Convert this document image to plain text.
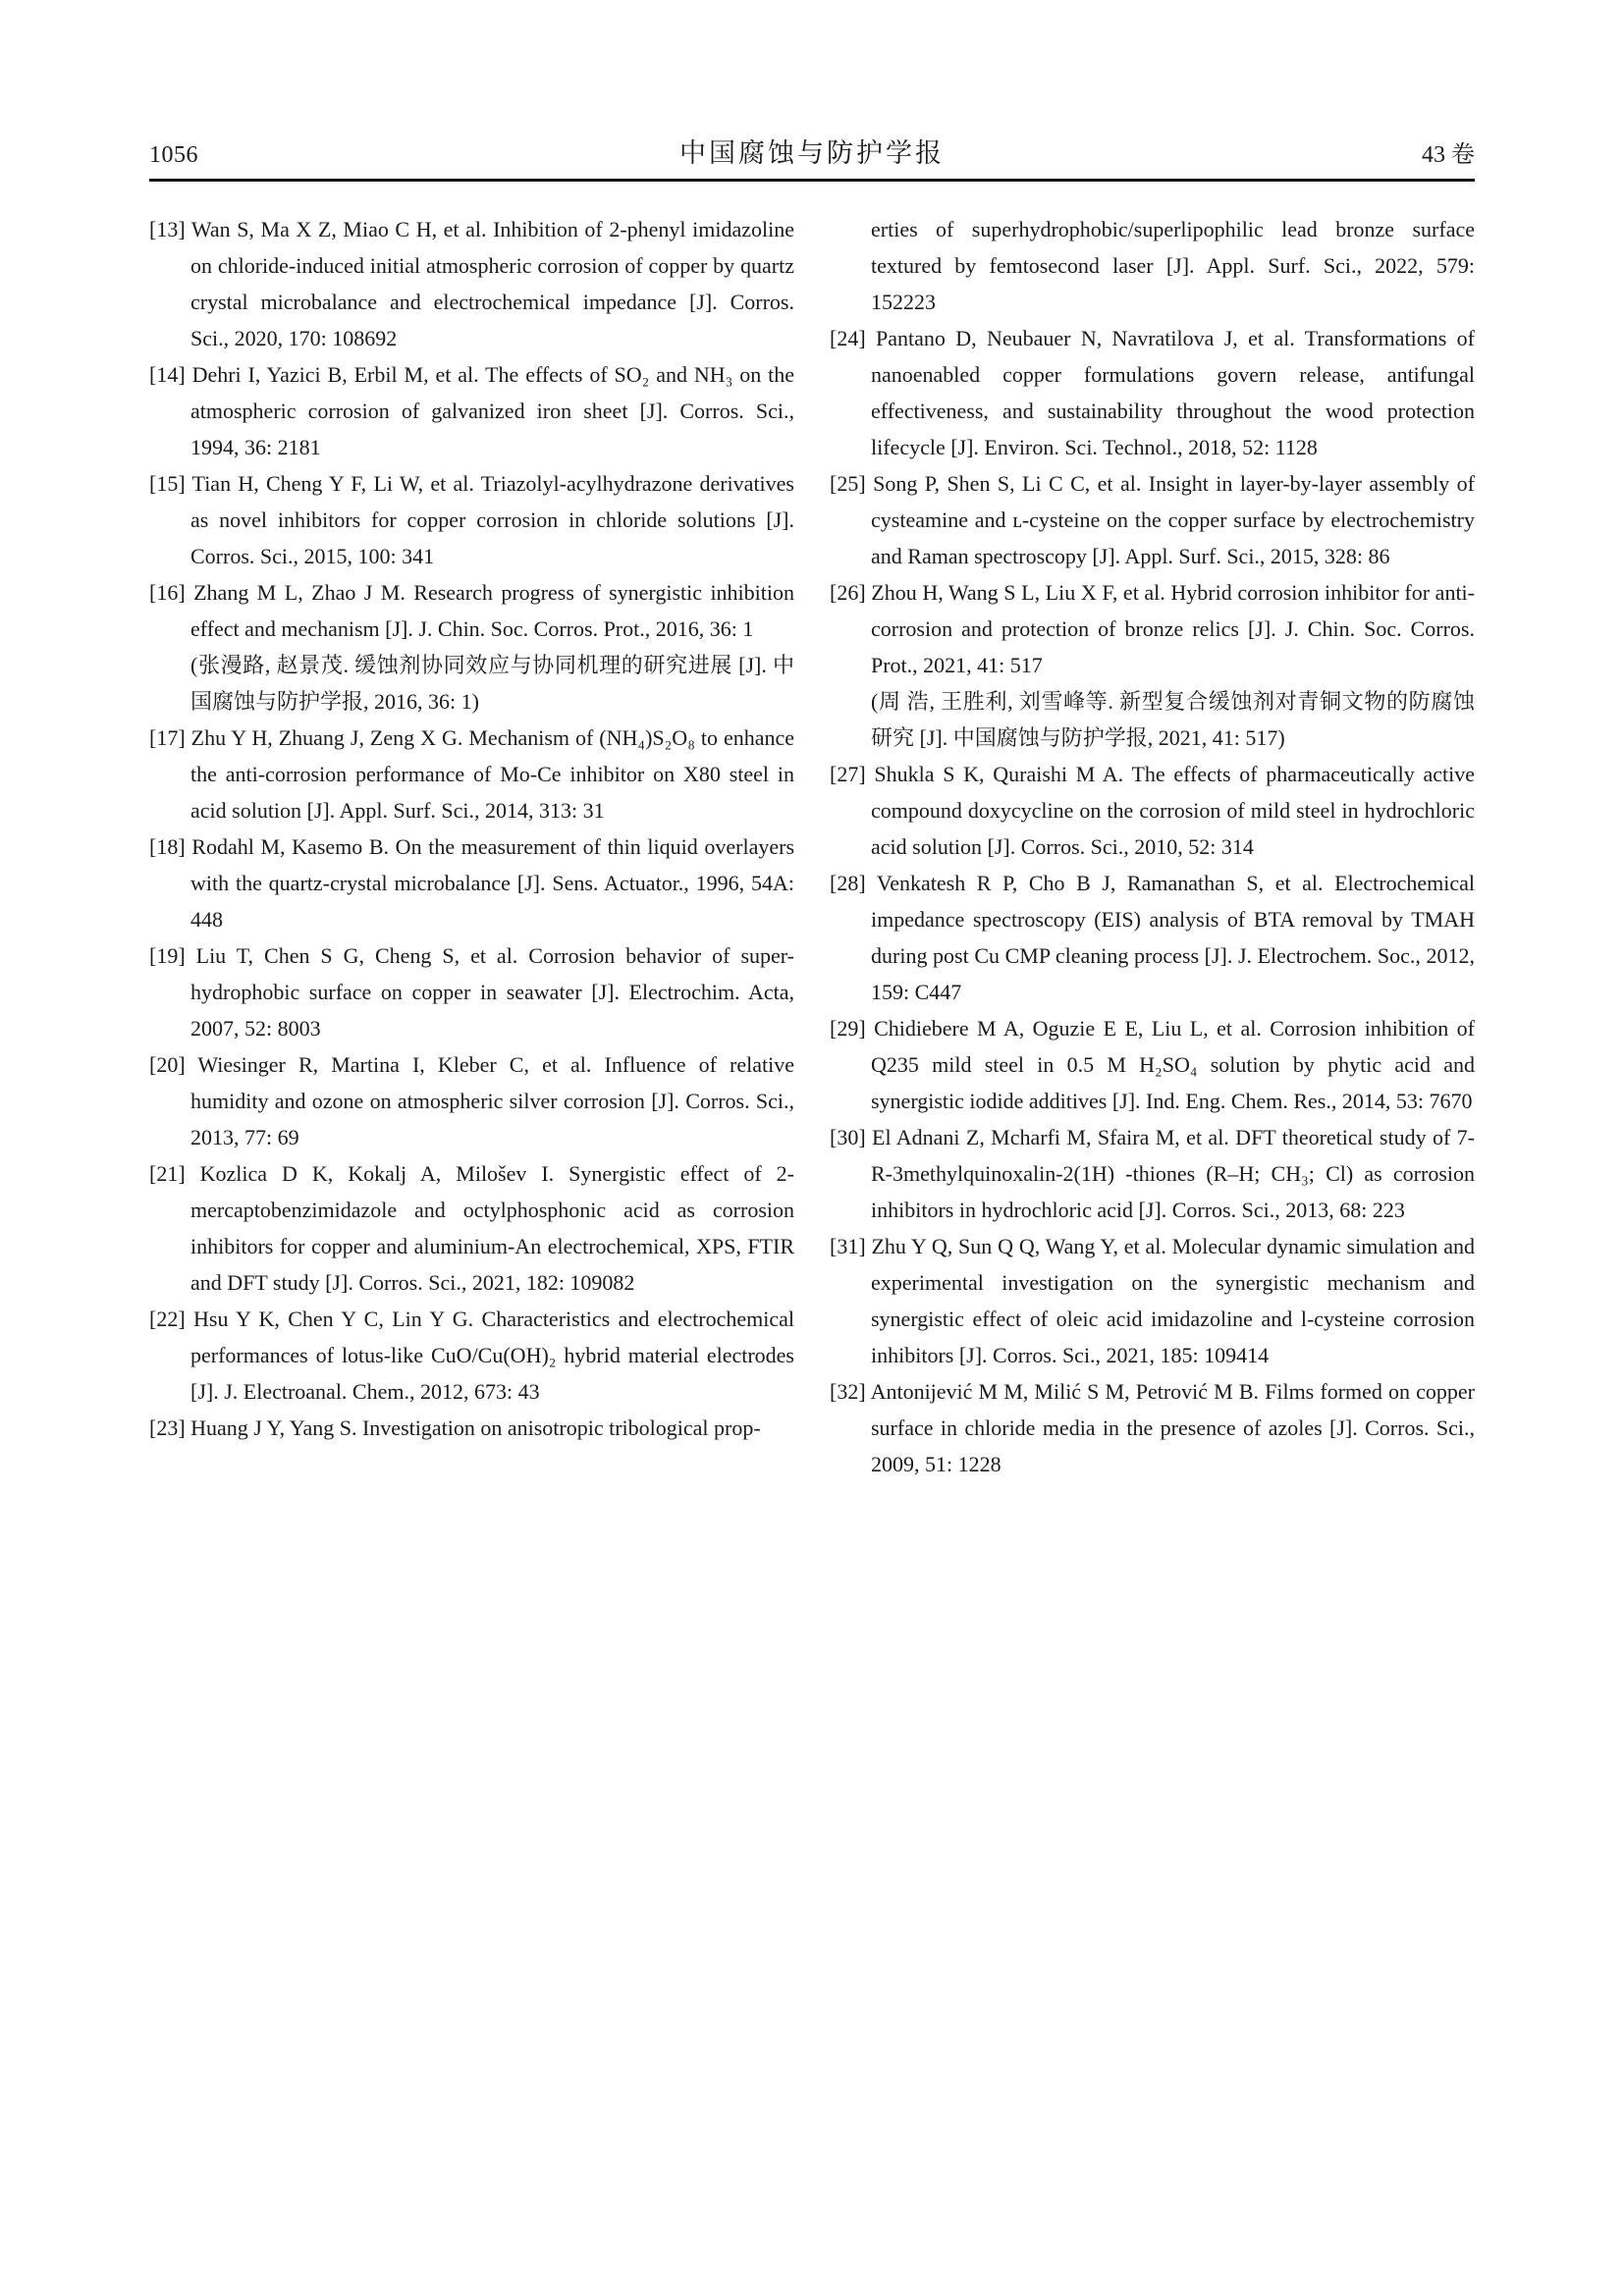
1056	中国腐蚀与防护学报	43 卷
[13] Wan S, Ma X Z, Miao C H, et al. Inhibition of 2-phenyl imidazoline on chloride-induced initial atmospheric corrosion of copper by quartz crystal microbalance and electrochemical impedance [J]. Corros. Sci., 2020, 170: 108692
[14] Dehri I, Yazici B, Erbil M, et al. The effects of SO₂ and NH₃ on the atmospheric corrosion of galvanized iron sheet [J]. Corros. Sci., 1994, 36: 2181
[15] Tian H, Cheng Y F, Li W, et al. Triazolyl-acylhydrazone derivatives as novel inhibitors for copper corrosion in chloride solutions [J]. Corros. Sci., 2015, 100: 341
[16] Zhang M L, Zhao J M. Research progress of synergistic inhibition effect and mechanism [J]. J. Chin. Soc. Corros. Prot., 2016, 36: 1
(张漫路, 赵景茂. 缓蚀剂协同效应与协同机理的研究进展 [J]. 中国腐蚀与防护学报, 2016, 36: 1)
[17] Zhu Y H, Zhuang J, Zeng X G. Mechanism of (NH₄)S₂O₈ to enhance the anti-corrosion performance of Mo-Ce inhibitor on X80 steel in acid solution [J]. Appl. Surf. Sci., 2014, 313: 31
[18] Rodahl M, Kasemo B. On the measurement of thin liquid overlayers with the quartz-crystal microbalance [J]. Sens. Actuator., 1996, 54A: 448
[19] Liu T, Chen S G, Cheng S, et al. Corrosion behavior of super-hydrophobic surface on copper in seawater [J]. Electrochim. Acta, 2007, 52: 8003
[20] Wiesinger R, Martina I, Kleber C, et al. Influence of relative humidity and ozone on atmospheric silver corrosion [J]. Corros. Sci., 2013, 77: 69
[21] Kozlica D K, Kokalj A, Milošev I. Synergistic effect of 2-mercaptobenzimidazole and octylphosphonic acid as corrosion inhibitors for copper and aluminium-An electrochemical, XPS, FTIR and DFT study [J]. Corros. Sci., 2021, 182: 109082
[22] Hsu Y K, Chen Y C, Lin Y G. Characteristics and electrochemical performances of lotus-like CuO/Cu(OH)₂ hybrid material electrodes [J]. J. Electroanal. Chem., 2012, 673: 43
[23] Huang J Y, Yang S. Investigation on anisotropic tribological prop-
erties of superhydrophobic/superlipophilic lead bronze surface textured by femtosecond laser [J]. Appl. Surf. Sci., 2022, 579: 152223
[24] Pantano D, Neubauer N, Navratilova J, et al. Transformations of nanoenabled copper formulations govern release, antifungal effectiveness, and sustainability throughout the wood protection lifecycle [J]. Environ. Sci. Technol., 2018, 52: 1128
[25] Song P, Shen S, Li C C, et al. Insight in layer-by-layer assembly of cysteamine and ʟ-cysteine on the copper surface by electrochemistry and Raman spectroscopy [J]. Appl. Surf. Sci., 2015, 328: 86
[26] Zhou H, Wang S L, Liu X F, et al. Hybrid corrosion inhibitor for anti-corrosion and protection of bronze relics [J]. J. Chin. Soc. Corros. Prot., 2021, 41: 517
(周 浩, 王胜利, 刘雪峰等. 新型复合缓蚀剂对青铜文物的防腐蚀研究 [J]. 中国腐蚀与防护学报, 2021, 41: 517)
[27] Shukla S K, Quraishi M A. The effects of pharmaceutically active compound doxycycline on the corrosion of mild steel in hydrochloric acid solution [J]. Corros. Sci., 2010, 52: 314
[28] Venkatesh R P, Cho B J, Ramanathan S, et al. Electrochemical impedance spectroscopy (EIS) analysis of BTA removal by TMAH during post Cu CMP cleaning process [J]. J. Electrochem. Soc., 2012, 159: C447
[29] Chidiebere M A, Oguzie E E, Liu L, et al. Corrosion inhibition of Q235 mild steel in 0.5 M H₂SO₄ solution by phytic acid and synergistic iodide additives [J]. Ind. Eng. Chem. Res., 2014, 53: 7670
[30] El Adnani Z, Mcharfi M, Sfaira M, et al. DFT theoretical study of 7-R-3methylquinoxalin-2(1H) -thiones (R–H; CH₃; Cl) as corrosion inhibitors in hydrochloric acid [J]. Corros. Sci., 2013, 68: 223
[31] Zhu Y Q, Sun Q Q, Wang Y, et al. Molecular dynamic simulation and experimental investigation on the synergistic mechanism and synergistic effect of oleic acid imidazoline and l-cysteine corrosion inhibitors [J]. Corros. Sci., 2021, 185: 109414
[32] Antonijević M M, Milić S M, Petrović M B. Films formed on copper surface in chloride media in the presence of azoles [J]. Corros. Sci., 2009, 51: 1228
